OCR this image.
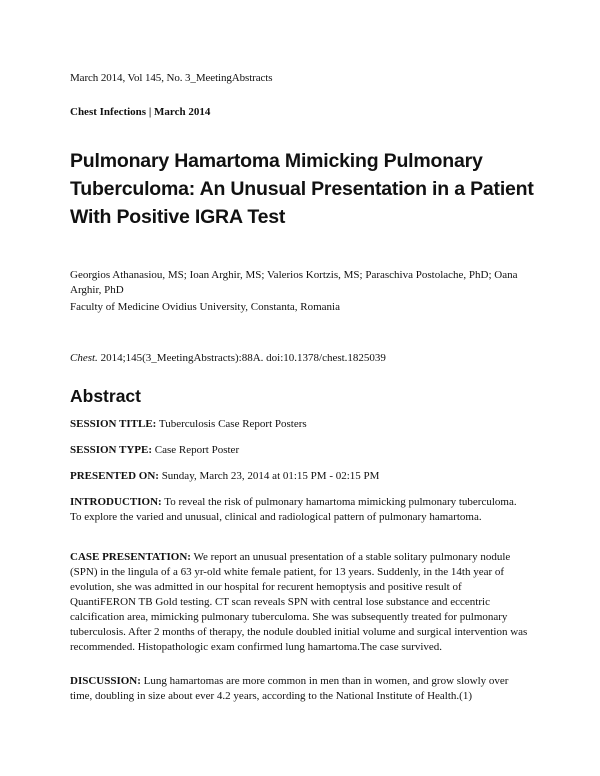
March 2014, Vol 145, No. 3_MeetingAbstracts
Chest Infections | March 2014
Pulmonary Hamartoma Mimicking Pulmonary Tuberculoma: An Unusual Presentation in a Patient With Positive IGRA Test
Georgios Athanasiou, MS; Ioan Arghir, MS; Valerios Kortzis, MS; Paraschiva Postolache, PhD; Oana Arghir, PhD
Faculty of Medicine Ovidius University, Constanta, Romania
Chest. 2014;145(3_MeetingAbstracts):88A. doi:10.1378/chest.1825039
Abstract
SESSION TITLE: Tuberculosis Case Report Posters
SESSION TYPE: Case Report Poster
PRESENTED ON: Sunday, March 23, 2014 at 01:15 PM - 02:15 PM
INTRODUCTION: To reveal the risk of pulmonary hamartoma mimicking pulmonary tuberculoma. To explore the varied and unusual, clinical and radiological pattern of pulmonary hamartoma.
CASE PRESENTATION: We report an unusual presentation of a stable solitary pulmonary nodule (SPN) in the lingula of a 63 yr-old white female patient, for 13 years. Suddenly, in the 14th year of evolution, she was admitted in our hospital for recurent hemoptysis and positive result of QuantiFERON TB Gold testing. CT scan reveals SPN with central lose substance and eccentric calcification area, mimicking pulmonary tuberculoma. She was subsequently treated for pulmonary tuberculosis. After 2 months of therapy, the nodule doubled initial volume and surgical intervention was recommended. Histopathologic exam confirmed lung hamartoma.The case survived.
DISCUSSION: Lung hamartomas are more common in men than in women, and grow slowly over time, doubling in size about ever 4.2 years, according to the National Institute of Health.(1)
